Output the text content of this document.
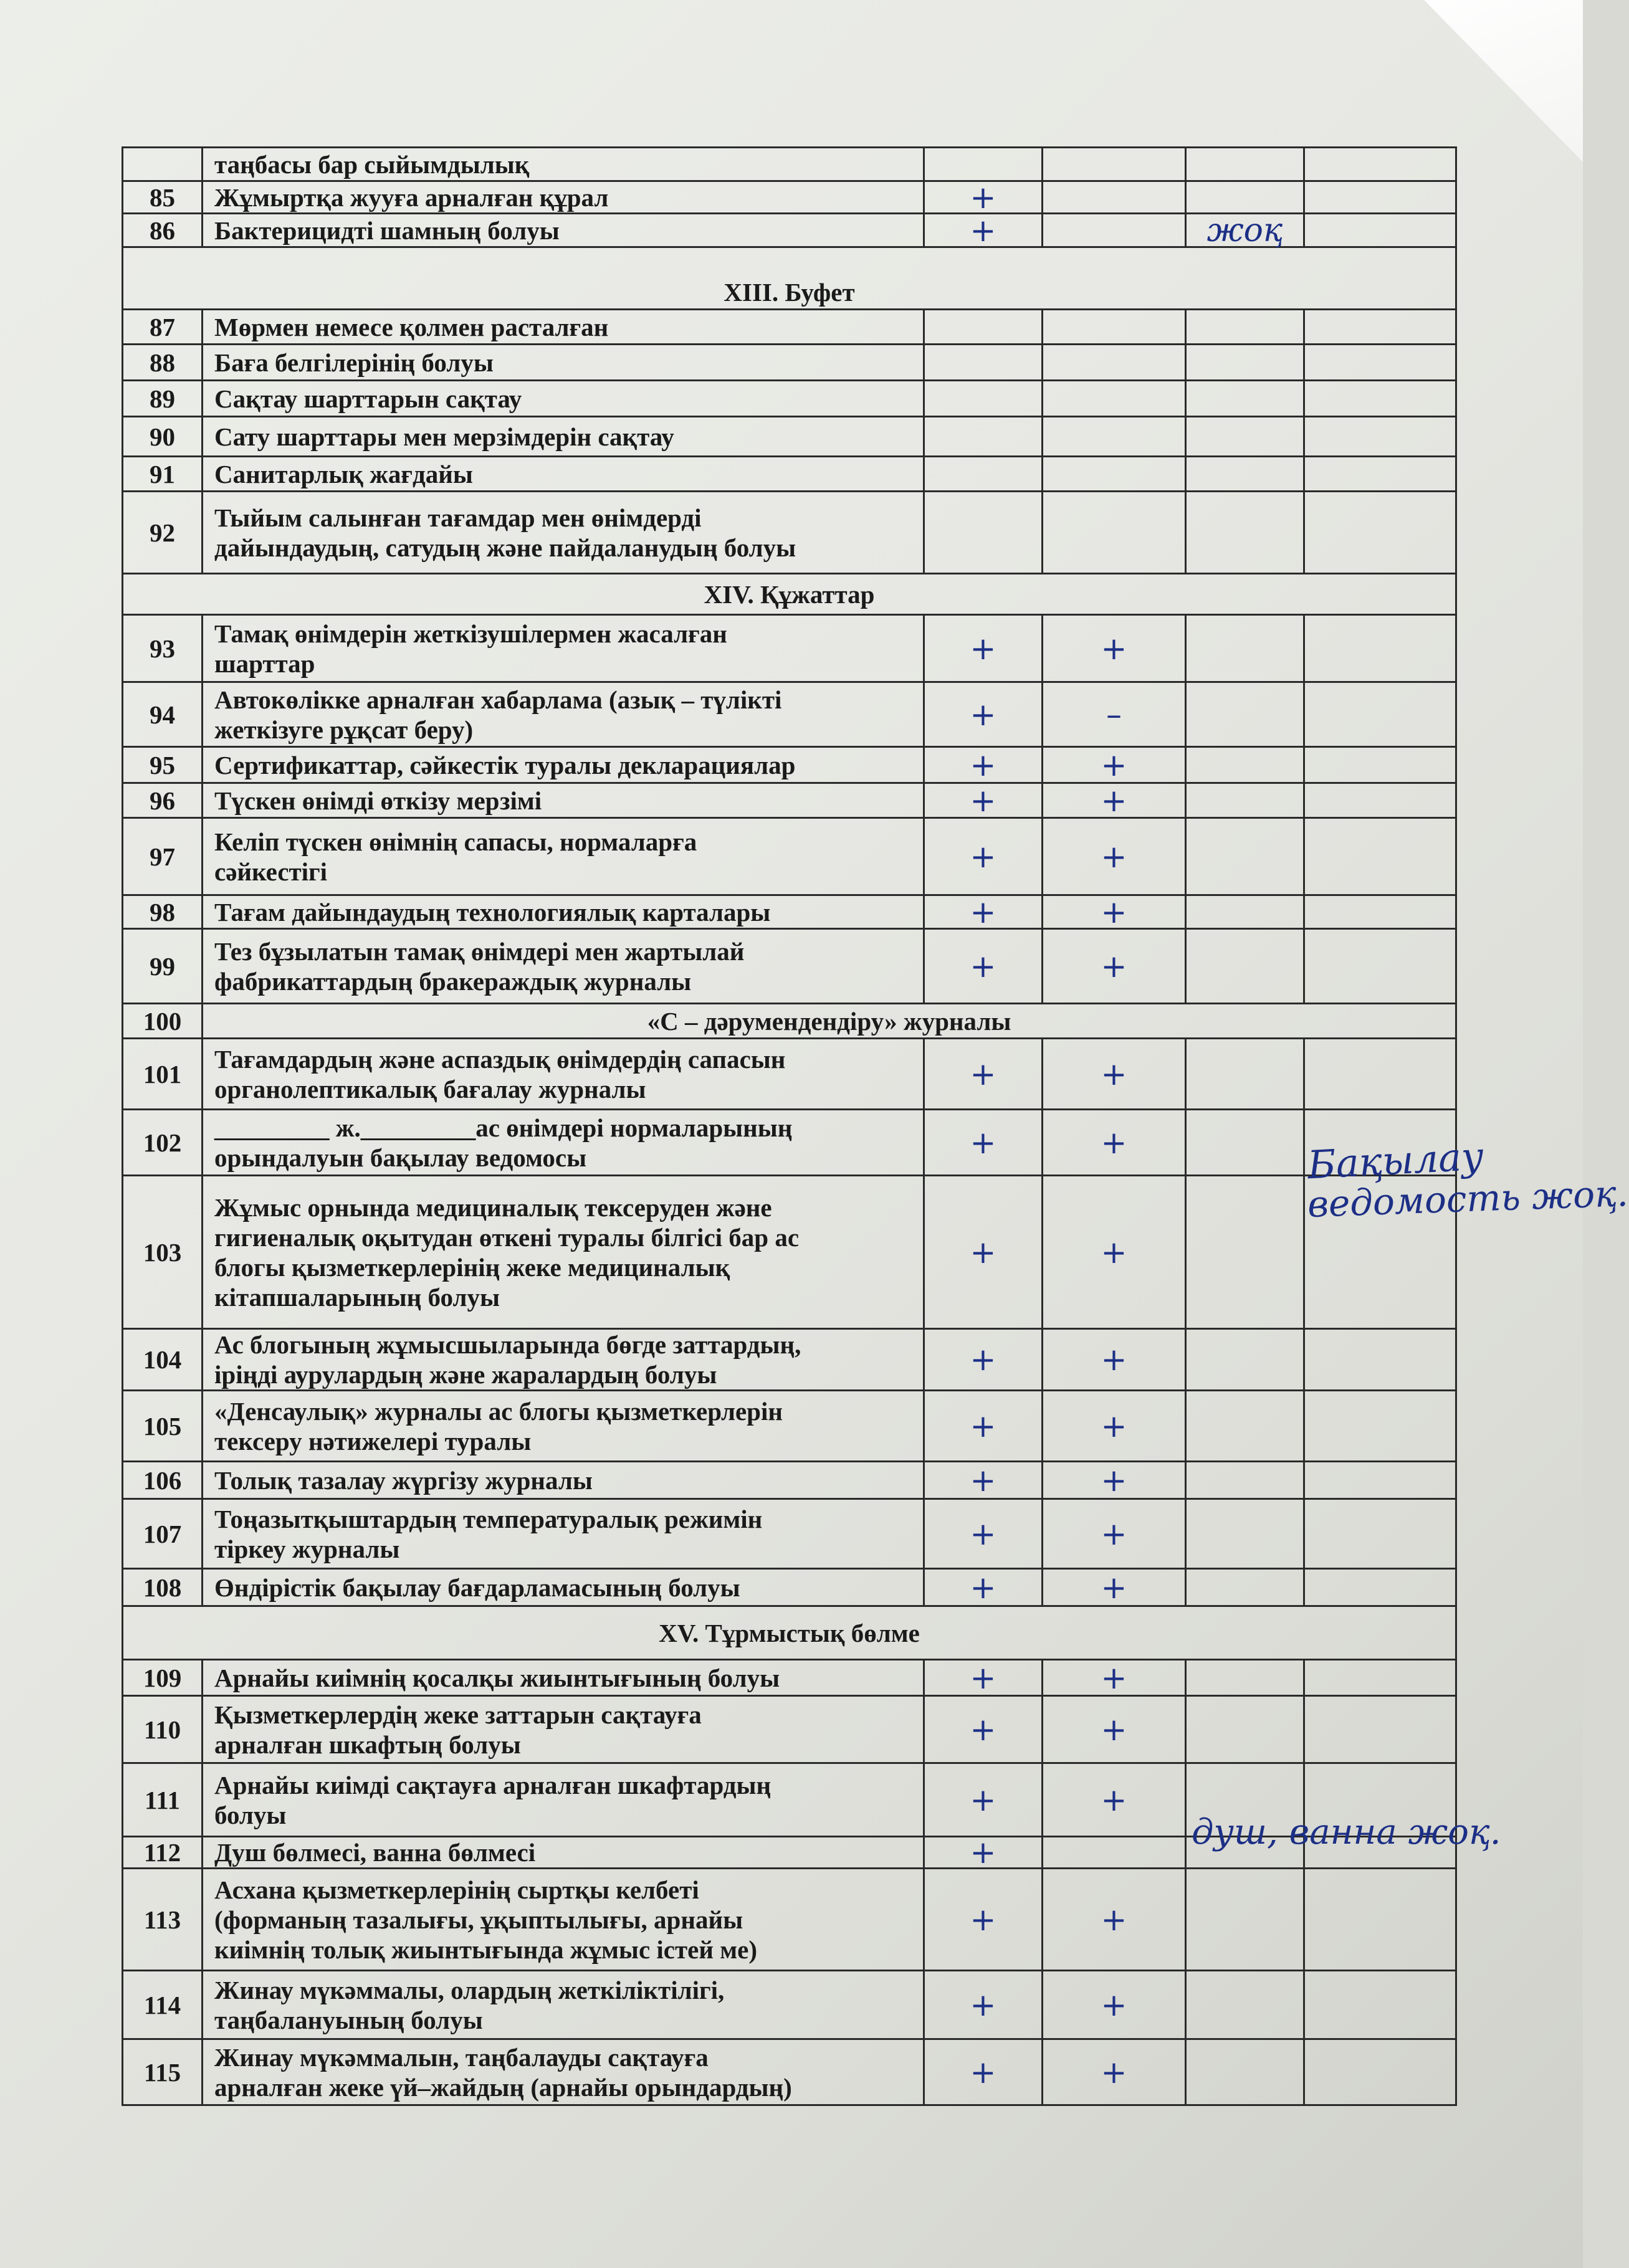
	таңбасы бар сыйымдылық				
85	Жұмыртқа жууға арналған құрал	+			
86	Бактерицидті шамның болуы	+		жоқ	
XIII. Буфет					
87	Мөрмен немесе қолмен расталған				
88	Баға белгілерінің болуы				
89	Сақтау шарттарын сақтау				
90	Сату шарттары мен мерзімдерін сақтау				
91	Санитарлық жағдайы				
92	Тыйым салынған тағамдар мен өнімдерді
дайындаудың, сатудың және пайдаланудың болуы				

XIV. Құжаттар					
93	Тамақ өнімдерін жеткізушілермен жасалған
шарттар	+	+		
94	Автокөлікке арналған хабарлама (азық – түлікті
жеткізуге рұқсат беру)	+	–		
95	Сертификаттар, сәйкестік туралы декларациялар	+	+		
96	Түскен өнімді өткізу мерзімі	+	+		
97	Келіп түскен өнімнің сапасы, нормаларға
сәйкестігі	+	+		
98	Тағам дайындаудың технологиялық карталары	+	+		
99	Тез бұзылатын тамақ өнімдері мен жартылай
фабрикаттардың бракераждық журналы	+	+		
100	«С – дәрумендендіру» журналы				
101	Тағамдардың және аспаздық өнімдердің сапасын
органолептикалық бағалау журналы	+	+		
102	_________ ж._________ас өнімдері нормаларының
орындалуын бақылау ведомосы	+	+		
103	Жұмыс орнында медициналық тексеруден және
гигиеналық оқытудан өткені туралы білгісі бар ас
блогы қызметкерлерінің жеке медициналық
кітапшаларының болуы	+	+		
104	Ас блогының жұмысшыларында бөгде заттардың,
іріңді аурулардың және жаралардың болуы	+	+		
105	«Денсаулық» журналы ас блогы қызметкерлерін
тексеру нәтижелері туралы	+	+		
106	Толық тазалау жүргізу журналы	+	+		
107	Тоңазытқыштардың температуралық режимін
тіркеу журналы	+	+		
108	Өндірістік бақылау бағдарламасының болуы	+	+		
XV. Тұрмыстық бөлме					
109	Арнайы киімнің қосалқы жиынтығының болуы	+	+		
110	Қызметкерлердің жеке заттарын сақтауға
арналған шкафтың болуы	+	+		
111	Арнайы киімді сақтауға арналған шкафтардың
болуы	+	+		
112	Душ бөлмесі, ванна бөлмесі	+			
113	Асхана қызметкерлерінің сыртқы келбеті
(форманың тазалығы, ұқыптылығы, арнайы
киімнің толық жиынтығында жұмыс істей ме)	+	+		
114	Жинау мүкәммалы, олардың жеткіліктілігі,
таңбалануының болуы	+	+		
115	Жинау мүкәммалын, таңбалауды сақтауға
арналған жеке үй–жайдың (арнайы орындардың)	+	+		
Бақылау
ведомость жоқ.
душ, ванна жоқ.
